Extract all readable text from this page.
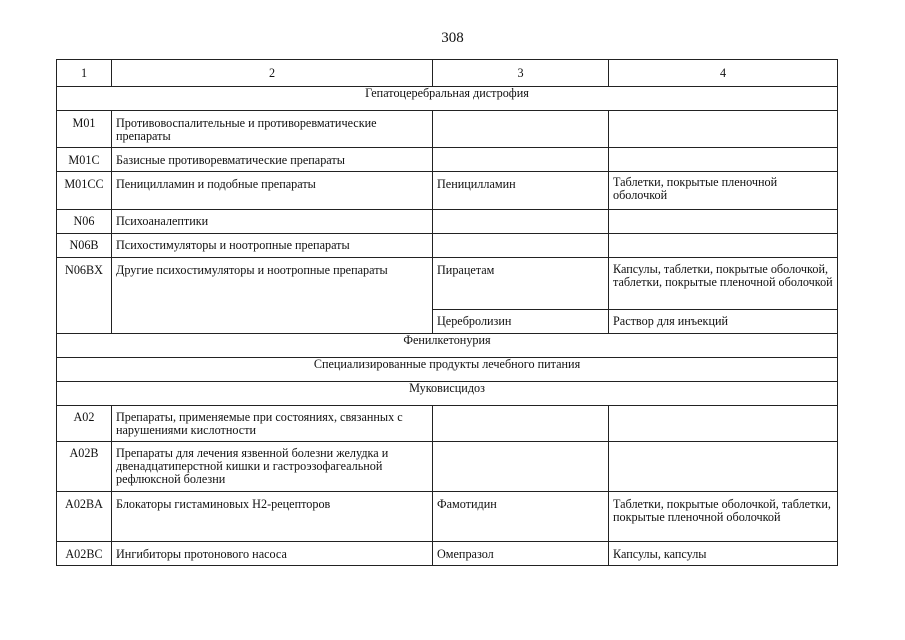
308
1	2	3	4
Гепатоцеребральная дистрофия			
M01	Противовоспалительные и противоревматические препараты		
M01C	Базисные противоревматические препараты		
M01CC	Пеницилламин и подобные препараты	Пеницилламин	Таблетки, покрытые пленочной оболочкой
N06	Психоаналептики		
N06B	Психостимуляторы и ноотропные препараты		
N06BX	Другие психостимуляторы и ноотропные препараты	Пирацетам	Капсулы, таблетки, покрытые оболочкой, таблетки, покрытые пленочной оболочкой
		Церебролизин	Раствор для инъекций
Фенилкетонурия			
Специализированные продукты лечебного питания			
Муковисцидоз			
A02	Препараты, применяемые при состояниях, связанных с нарушениями кислотности		
A02B	Препараты для лечения язвенной болезни желудка и двенадцатиперстной кишки и гастроэзофагеальной рефлюксной болезни		
A02BA	Блокаторы гистаминовых H2-рецепторов	Фамотидин	Таблетки, покрытые оболочкой, таблетки, покрытые пленочной оболочкой
A02BC	Ингибиторы протонового насоса	Омепразол	Капсулы, капсулы
